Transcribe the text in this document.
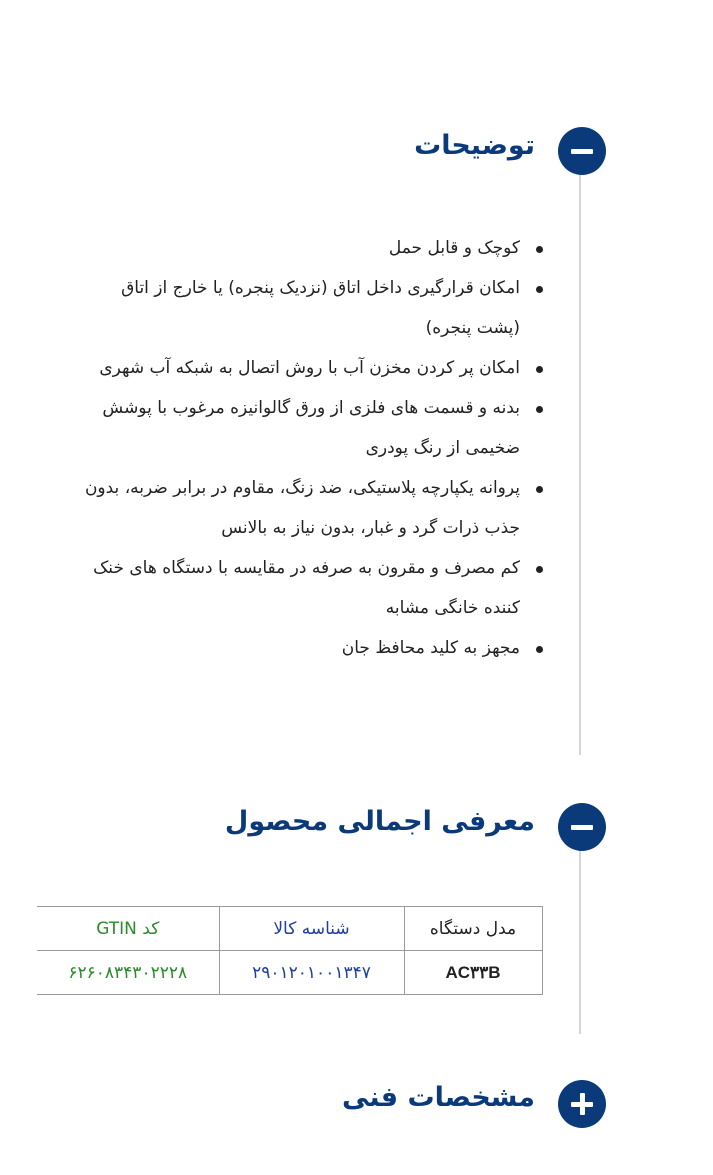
توضیحات
کوچک و قابل حمل
امکان قرارگیری داخل اتاق (نزدیک پنجره) یا خارج از اتاق (پشت پنجره)
امکان پر کردن مخزن آب با روش اتصال به شبکه آب شهری
بدنه و قسمت های فلزی از ورق گالوانیزه مرغوب با پوشش ضخیمی از رنگ پودری
پروانه یکپارچه پلاستیکی، ضد زنگ، مقاوم در برابر ضربه، بدون جذب ذرات گرد و غبار، بدون نیاز به بالانس
کم مصرف و مقرون به صرفه در مقایسه با دستگاه های خنک کننده خانگی مشابه
مجهز به کلید محافظ جان
معرفی اجمالی محصول
مدل دستگاه	شناسه کالا	کد GTIN
AC۳۳B	۲۹۰۱۲۰۱۰۰۱۳۴۷	۶۲۶۰۸۳۴۳۰۲۲۲۸
مشخصات فنی
